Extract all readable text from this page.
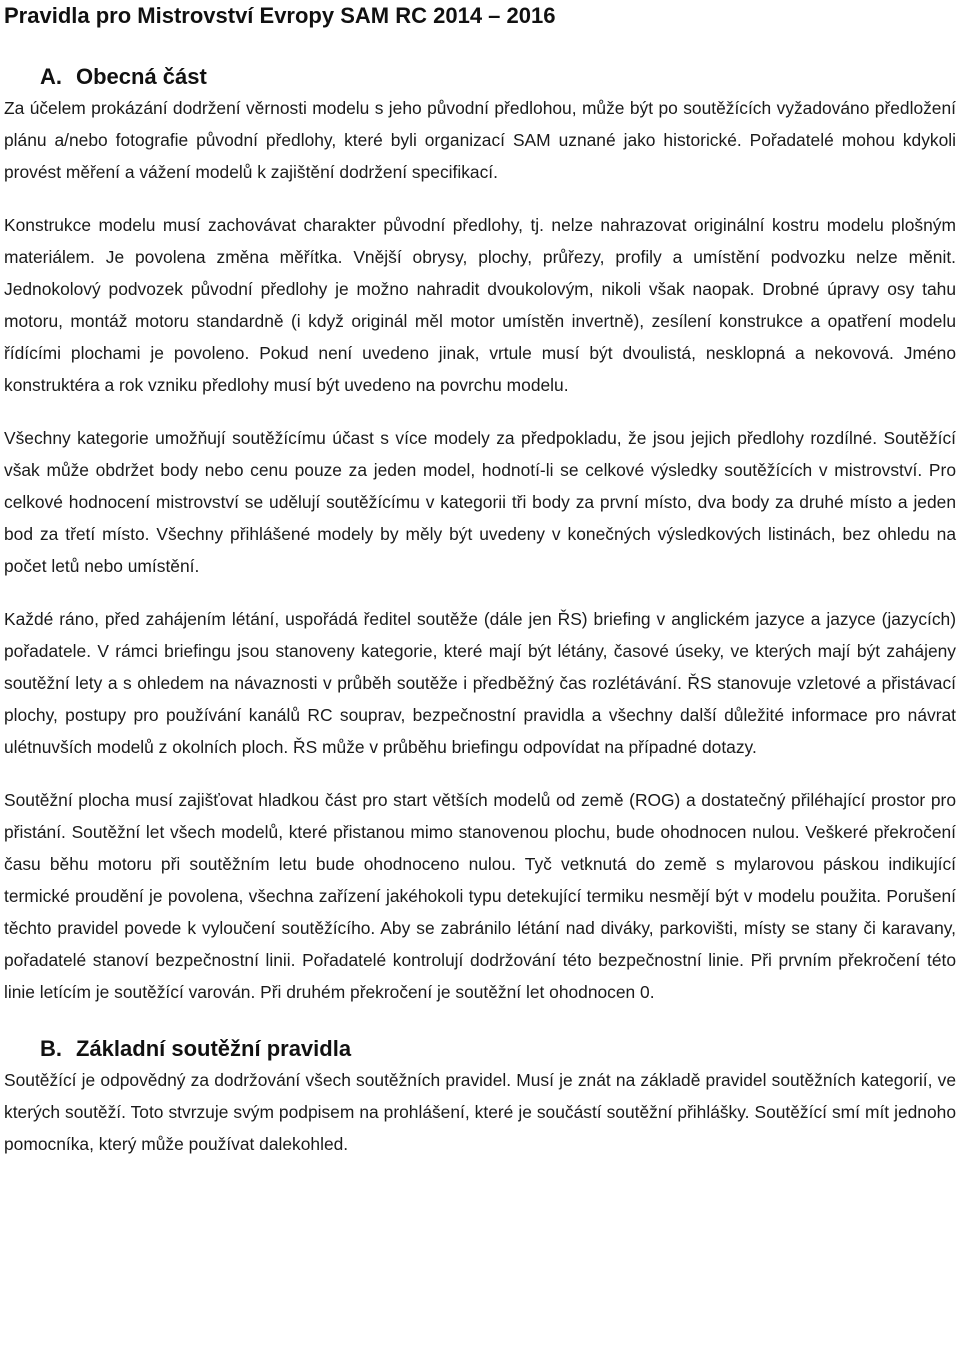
Pravidla pro Mistrovství Evropy SAM RC 2014 – 2016
A. Obecná část

Za účelem prokázání dodržení věrnosti modelu s jeho původní předlohou, může být po soutěžících vyžadováno předložení plánu a/nebo fotografie původní předlohy, které byli organizací SAM uznané jako historické. Pořadatelé mohou kdykoli provést měření a vážení modelů k zajištění dodržení specifikací.

Konstrukce modelu musí zachovávat charakter původní předlohy, tj. nelze nahrazovat originální kostru modelu plošným materiálem. Je povolena změna měřítka. Vnější obrysy, plochy, průřezy, profily a umístění podvozku nelze měnit. Jednokolový podvozek původní předlohy je možno nahradit dvoukolovým, nikoli však naopak. Drobné úpravy osy tahu motoru, montáž motoru standardně (i když originál měl motor umístěn invertně), zesílení konstrukce a opatření modelu řídícími plochami je povoleno. Pokud není uvedeno jinak, vrtule musí být dvoulistá, nesklopná a nekovová. Jméno konstruktéra a rok vzniku předlohy musí být uvedeno na povrchu modelu.

Všechny kategorie umožňují soutěžícímu účast s více modely za předpokladu, že jsou jejich předlohy rozdílné. Soutěžící však může obdržet body nebo cenu pouze za jeden model, hodnotí-li se celkové výsledky soutěžících v mistrovství. Pro celkové hodnocení mistrovství se udělují soutěžícímu v kategorii tři body za první místo, dva body za druhé místo a jeden bod za třetí místo. Všechny přihlášené modely by měly být uvedeny v konečných výsledkových listinách, bez ohledu na počet letů nebo umístění.

Každé ráno, před zahájením létání, uspořádá ředitel soutěže (dále jen ŘS) briefing v anglickém jazyce a jazyce (jazycích) pořadatele. V rámci briefingu jsou stanoveny kategorie, které mají být létány, časové úseky, ve kterých mají být zahájeny soutěžní lety a s ohledem na návaznosti v průběh soutěže i předběžný čas rozlétávání. ŘS stanovuje vzletové a přistávací plochy, postupy pro používání kanálů RC souprav, bezpečnostní pravidla a všechny další důležité informace pro návrat ulétnuvších modelů z okolních ploch. ŘS může v průběhu briefingu odpovídat na případné dotazy.

Soutěžní plocha musí zajišťovat hladkou část pro start větších modelů od země (ROG) a dostatečný přiléhající prostor pro přistání. Soutěžní let všech modelů, které přistanou mimo stanovenou plochu, bude ohodnocen nulou. Veškeré překročení času běhu motoru při soutěžním letu bude ohodnoceno nulou. Tyč vetknutá do země s mylarovou páskou indikující termické proudění je povolena, všechna zařízení jakéhokoli typu detekující termiku nesmějí být v modelu použita. Porušení těchto pravidel povede k vyloučení soutěžícího. Aby se zabránilo létání nad diváky, parkovišti, místy se stany či karavany, pořadatelé stanoví bezpečnostní linii. Pořadatelé kontrolují dodržování této bezpečnostní linie. Při prvním překročení této linie letícím je soutěžící varován. Při druhém překročení je soutěžní let ohodnocen 0.

B. Základní soutěžní pravidla

Soutěžící je odpovědný za dodržování všech soutěžních pravidel. Musí je znát na základě pravidel soutěžních kategorií, ve kterých soutěží. Toto stvrzuje svým podpisem na prohlášení, které je součástí soutěžní přihlášky. Soutěžící smí mít jednoho pomocníka, který může používat dalekohled.
